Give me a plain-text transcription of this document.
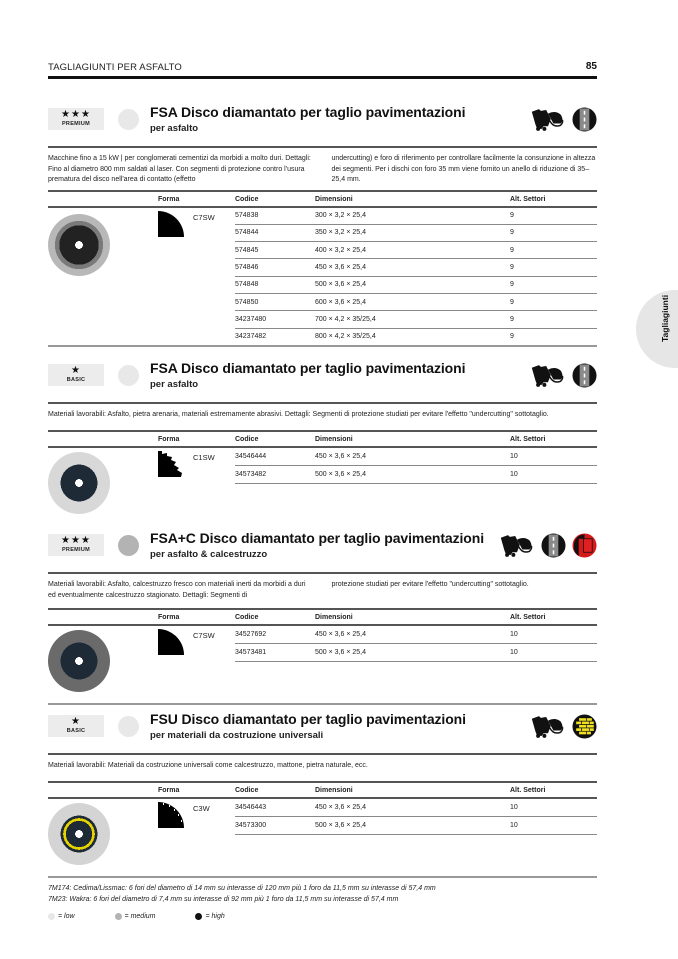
TAGLIAGIUNTI PER ASFALTO	85
Tagliagiunti
★★★
PREMIUM
FSA Disco diamantato per taglio pavimentazioni
per asfalto
Macchine fino a 15 kW | per conglomerati cementizi da morbidi a molto duri. Dettagli: Fino al diametro 800 mm saldati al laser. Con segmenti di protezione contro l'usura prematura del disco nell'area di contatto (effetto
undercutting) e foro di riferimento per controllare facilmente la consunzione in altezza dei segmenti. Per i dischi con foro 35 mm viene fornito un anello di riduzione di 35–25,4 mm.
	Forma	Codice	Dimensioni	Alt. Settori

	C7SW	574838	300 × 3,2 × 25,4	9
		574844	350 × 3,2 × 25,4	9
		574845	400 × 3,2 × 25,4	9
		574846	450 × 3,6 × 25,4	9
		574848	500 × 3,6 × 25,4	9
		574850	600 × 3,6 × 25,4	9
		34237480	700 × 4,2 × 35/25,4	9
		34237482	800 × 4,2 × 35/25,4	9
★
BASIC
FSA Disco diamantato per taglio pavimentazioni
per asfalto
Materiali lavorabili: Asfalto, pietra arenaria, materiali estremamente abrasivi. Dettagli: Segmenti di protezione studiati per evitare l'effetto "undercutting" sottotaglio.
	Forma	Codice	Dimensioni	Alt. Settori

	C1SW	34546444	450 × 3,6 × 25,4	10
		34573482	500 × 3,6 × 25,4	10

★★★
PREMIUM
FSA+C Disco diamantato per taglio pavimentazioni
per asfalto & calcestruzzo
Materiali lavorabili: Asfalto, calcestruzzo fresco con materiali inerti da morbidi a duri ed eventualmente calcestruzzo stagionato. Dettagli: Segmenti di
protezione studiati per evitare l'effetto "undercutting" sottotaglio.
	Forma	Codice	Dimensioni	Alt. Settori

	C7SW	34527692	450 × 3,6 × 25,4	10
		34573481	500 × 3,6 × 25,4	10

★
BASIC
FSU Disco diamantato per taglio pavimentazioni
per materiali da costruzione universali
Materiali lavorabili: Materiali da costruzione universali come calcestruzzo, mattone, pietra naturale, ecc.
	Forma	Codice	Dimensioni	Alt. Settori

	C3W	34546443	450 × 3,6 × 25,4	10
		34573300	500 × 3,6 × 25,4	10

7M174: Cedima/Lissmac: 6 fori del diametro di 14 mm su interasse di 120 mm più 1 foro da 11,5 mm su interasse di 57,4 mm
7M23: Wakra: 6 fori del diametro di 7,4 mm su interasse di 92 mm più 1 foro da 11,5 mm su interasse di 57,4 mm
= low	= medium	= high
